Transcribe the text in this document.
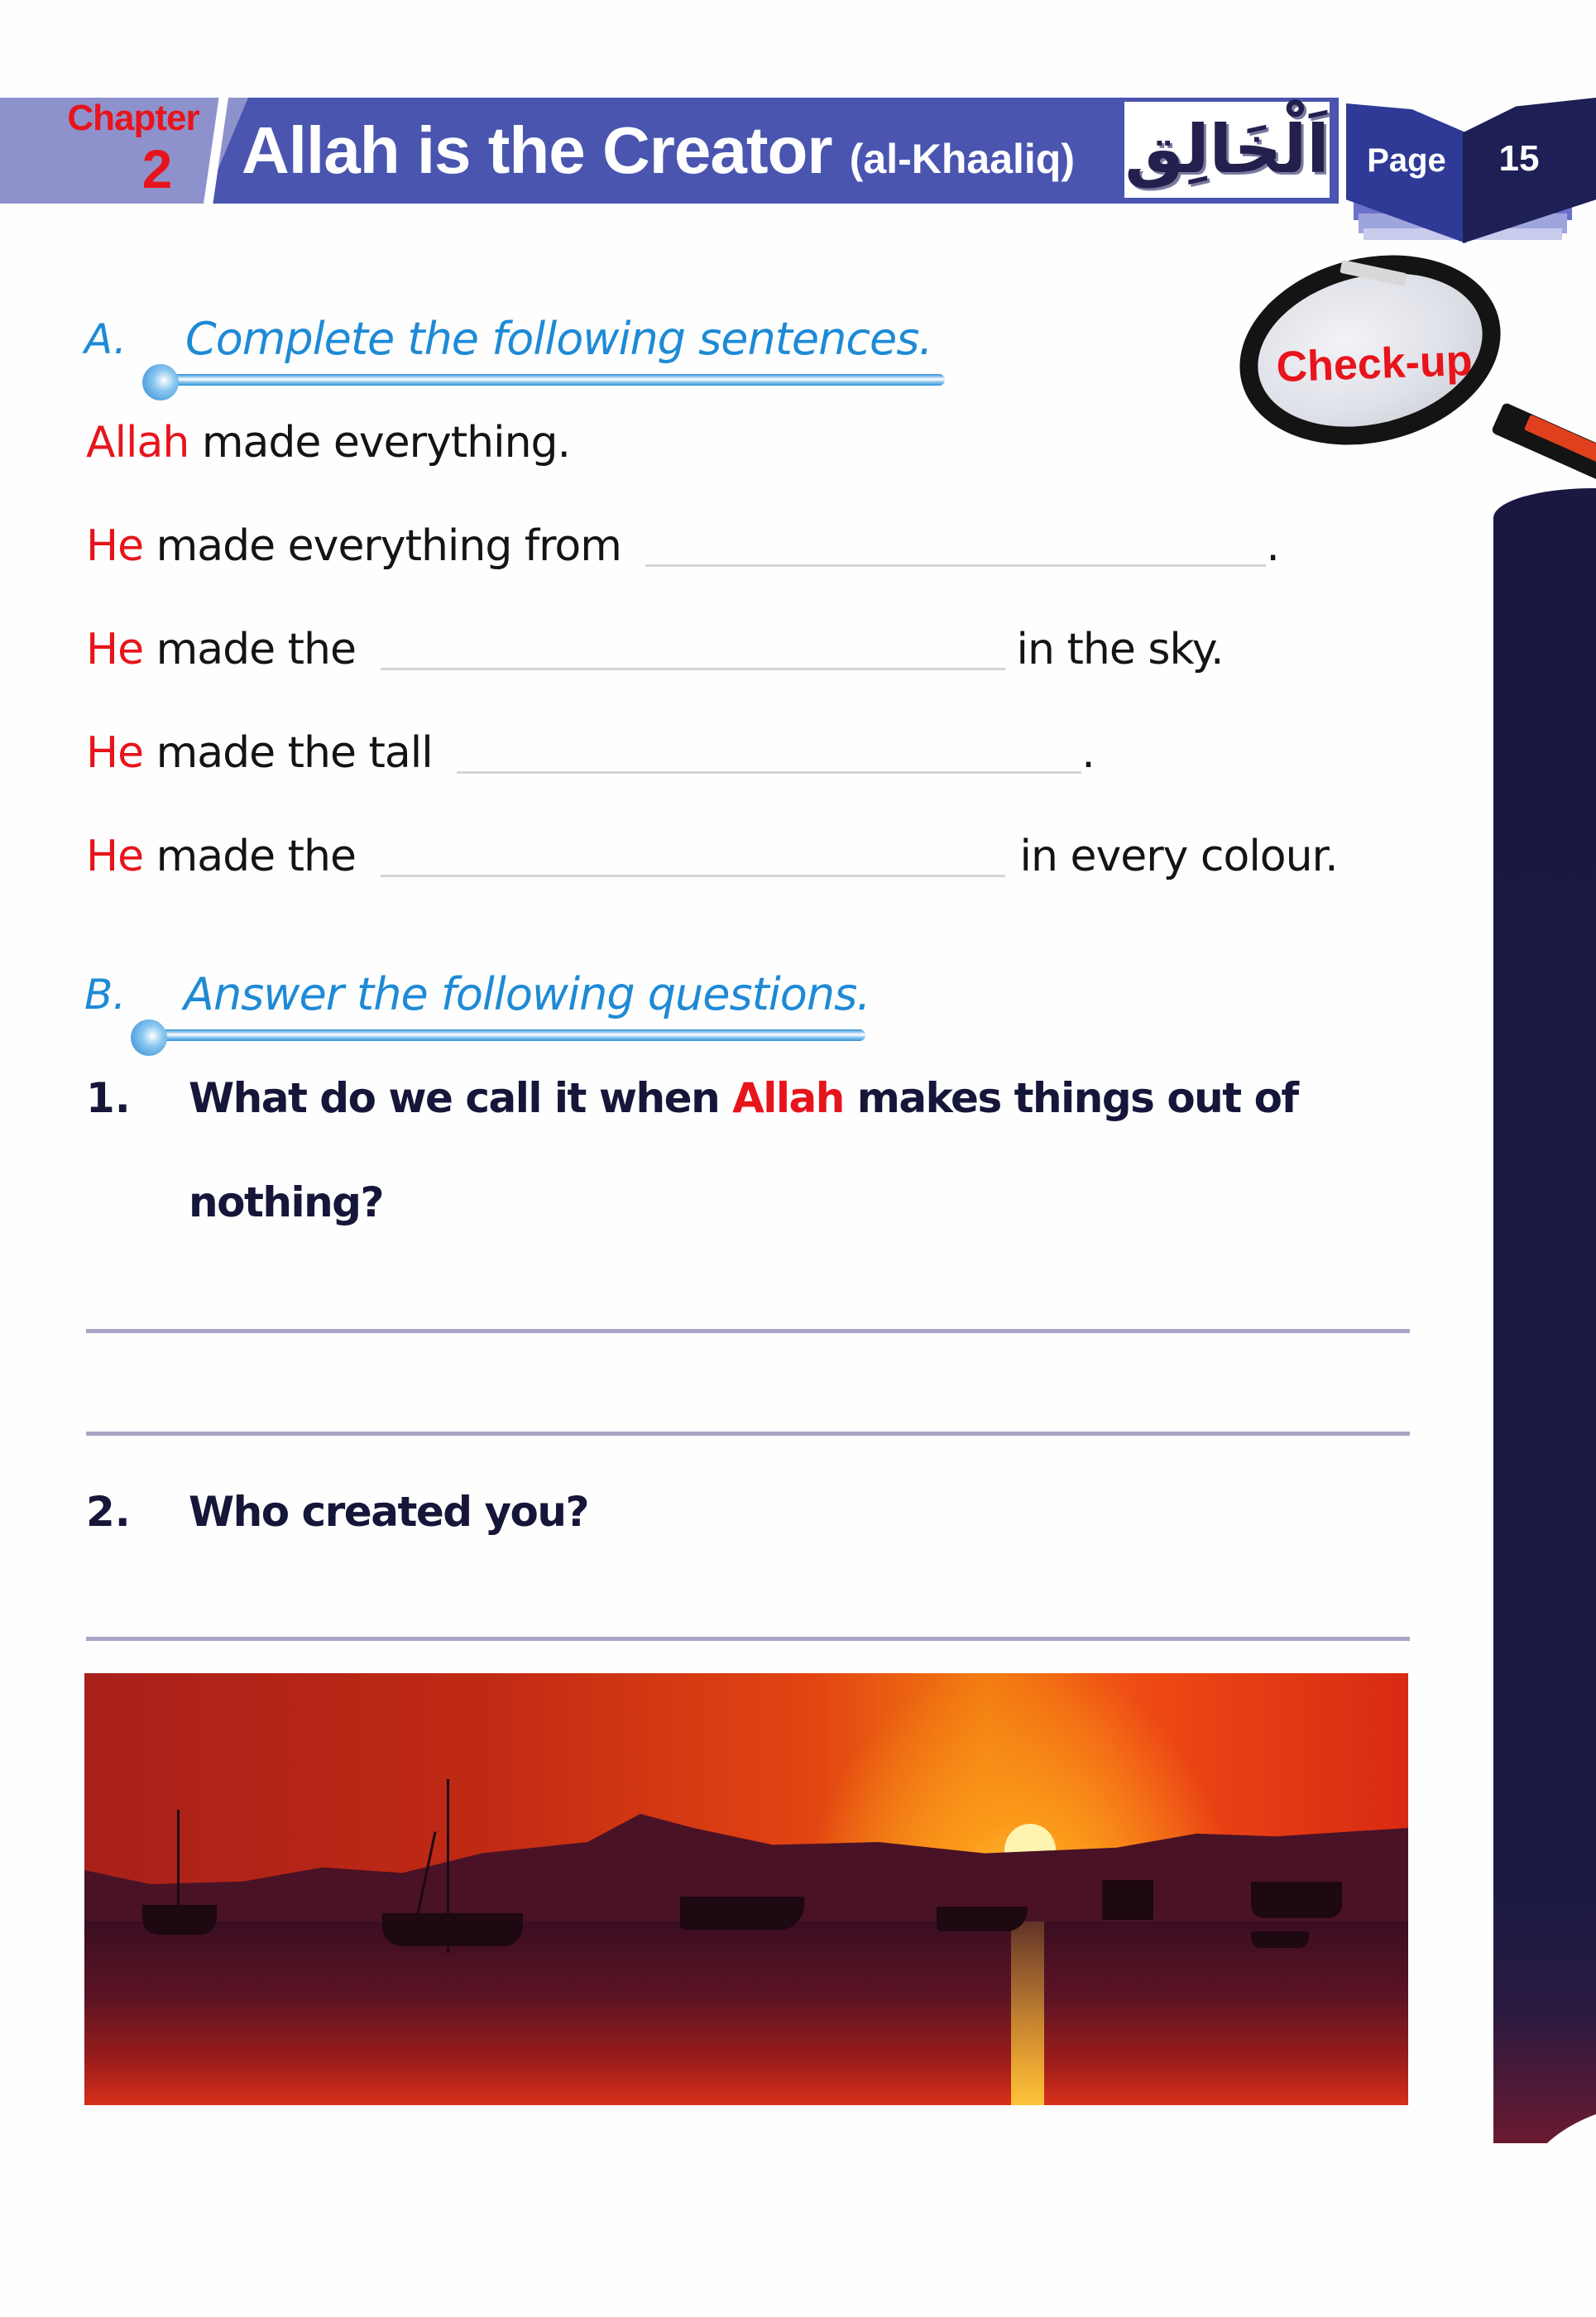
Chapter
2 Allah is the Creator (al-Khaaliq) اَلْخَالِق	Page	15
Check-up
A. Complete the following sentences.
Allah made everything.
He made everything from	.
He made the	in the sky.
He made the tall	.
He made the	in every colour.
B. Answer the following questions.
1. What do we call it when Allah makes things out of
nothing?
2. Who created you?
